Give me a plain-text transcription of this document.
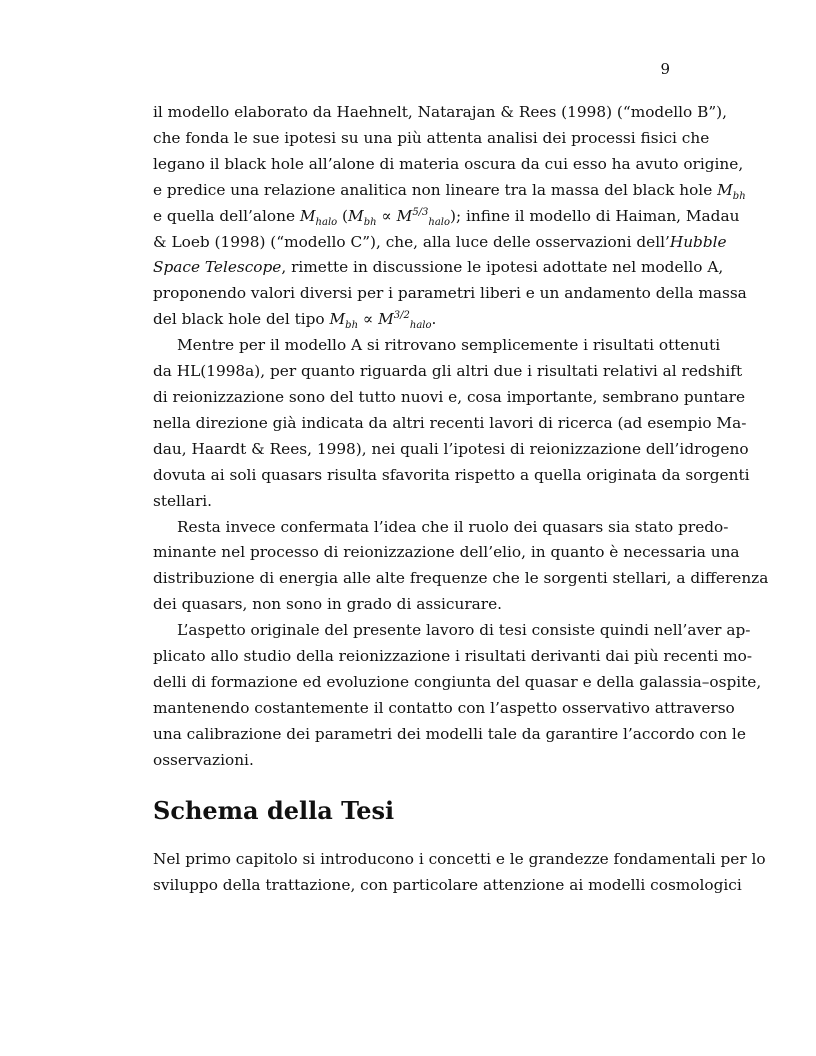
9
il modello elaborato da Haehnelt, Natarajan & Rees (1998) (“modello B”),
che fonda le sue ipotesi su una più attenta analisi dei processi fisici che
legano il black hole all’alone di materia oscura da cui esso ha avuto origine,
e predice una relazione analitica non lineare tra la massa del black hole $M_{bh}$
e quella dell’alone $M_{halo}$ $(M_{bh} \propto M^{5/3}_{halo})$; infine il modello di Haiman, Madau
& Loeb (1998) (“modello C”), che, alla luce delle osservazioni dell’Hubble
Space Telescope, rimette in discussione le ipotesi adottate nel modello A,
proponendo valori diversi per i parametri liberi e un andamento della massa
del black hole del tipo $M_{bh} \propto M^{3/2}_{halo}$.
Mentre per il modello A si ritrovano semplicemente i risultati ottenuti
da HL(1998a), per quanto riguarda gli altri due i risultati relativi al redshift
di reionizzazione sono del tutto nuovi e, cosa importante, sembrano puntare
nella direzione già indicata da altri recenti lavori di ricerca (ad esempio Ma-
dau, Haardt & Rees, 1998), nei quali l’ipotesi di reionizzazione dell’idrogeno
dovuta ai soli quasars risulta sfavorita rispetto a quella originata da sorgenti
stellari.
Resta invece confermata l’idea che il ruolo dei quasars sia stato predo-
minante nel processo di reionizzazione dell’elio, in quanto è necessaria una
distribuzione di energia alle alte frequenze che le sorgenti stellari, a differenza
dei quasars, non sono in grado di assicurare.
L’aspetto originale del presente lavoro di tesi consiste quindi nell’aver ap-
plicato allo studio della reionizzazione i risultati derivanti dai più recenti mo-
delli di formazione ed evoluzione congiunta del quasar e della galassia–ospite,
mantenendo costantemente il contatto con l’aspetto osservativo attraverso
una calibrazione dei parametri dei modelli tale da garantire l’accordo con le
osservazioni.
Schema della Tesi
Nel primo capitolo si introducono i concetti e le grandezze fondamentali per lo
sviluppo della trattazione, con particolare attenzione ai modelli cosmologici
